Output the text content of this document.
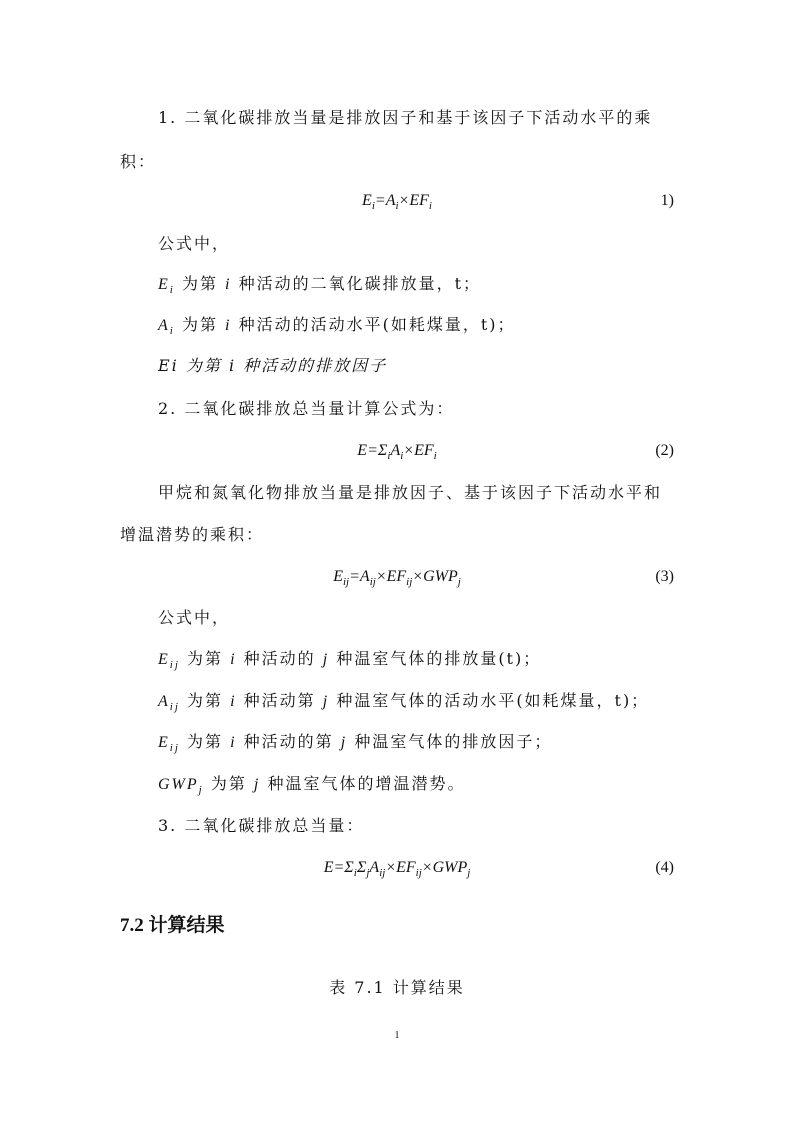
1. 二氧化碳排放当量是排放因子和基于该因子下活动水平的乘
积：
$E_i=A_i\times EF_i$	1)
公式中，
$E_i$ 为第 i 种活动的二氧化碳排放量，t；
$A_i$ 为第 i 种活动的活动水平(如耗煤量，t)；
Ei 为第 i 种活动的排放因子
2. 二氧化碳排放总当量计算公式为：
$E=\Sigma_iA_i\times EF_i$	(2)
甲烷和氮氧化物排放当量是排放因子、基于该因子下活动水平和
增温潜势的乘积：
$E_{ij}=A_{ij}\times EF_{ij}\times GWP_j$	(3)
公式中，
$E_{ij}$ 为第 i 种活动的 j 种温室气体的排放量(t)；
$A_{ij}$ 为第 i 种活动第 j 种温室气体的活动水平(如耗煤量，t)；
$E_{ij}$ 为第 i 种活动的第 j 种温室气体的排放因子；
$GWP_j$ 为第 j 种温室气体的增温潜势。
3. 二氧化碳排放总当量：
$E=\Sigma_i\Sigma_jA_{ij}\times EF_{ij}\times GWP_j$	(4)
7.2 计算结果
表 7.1 计算结果
1
